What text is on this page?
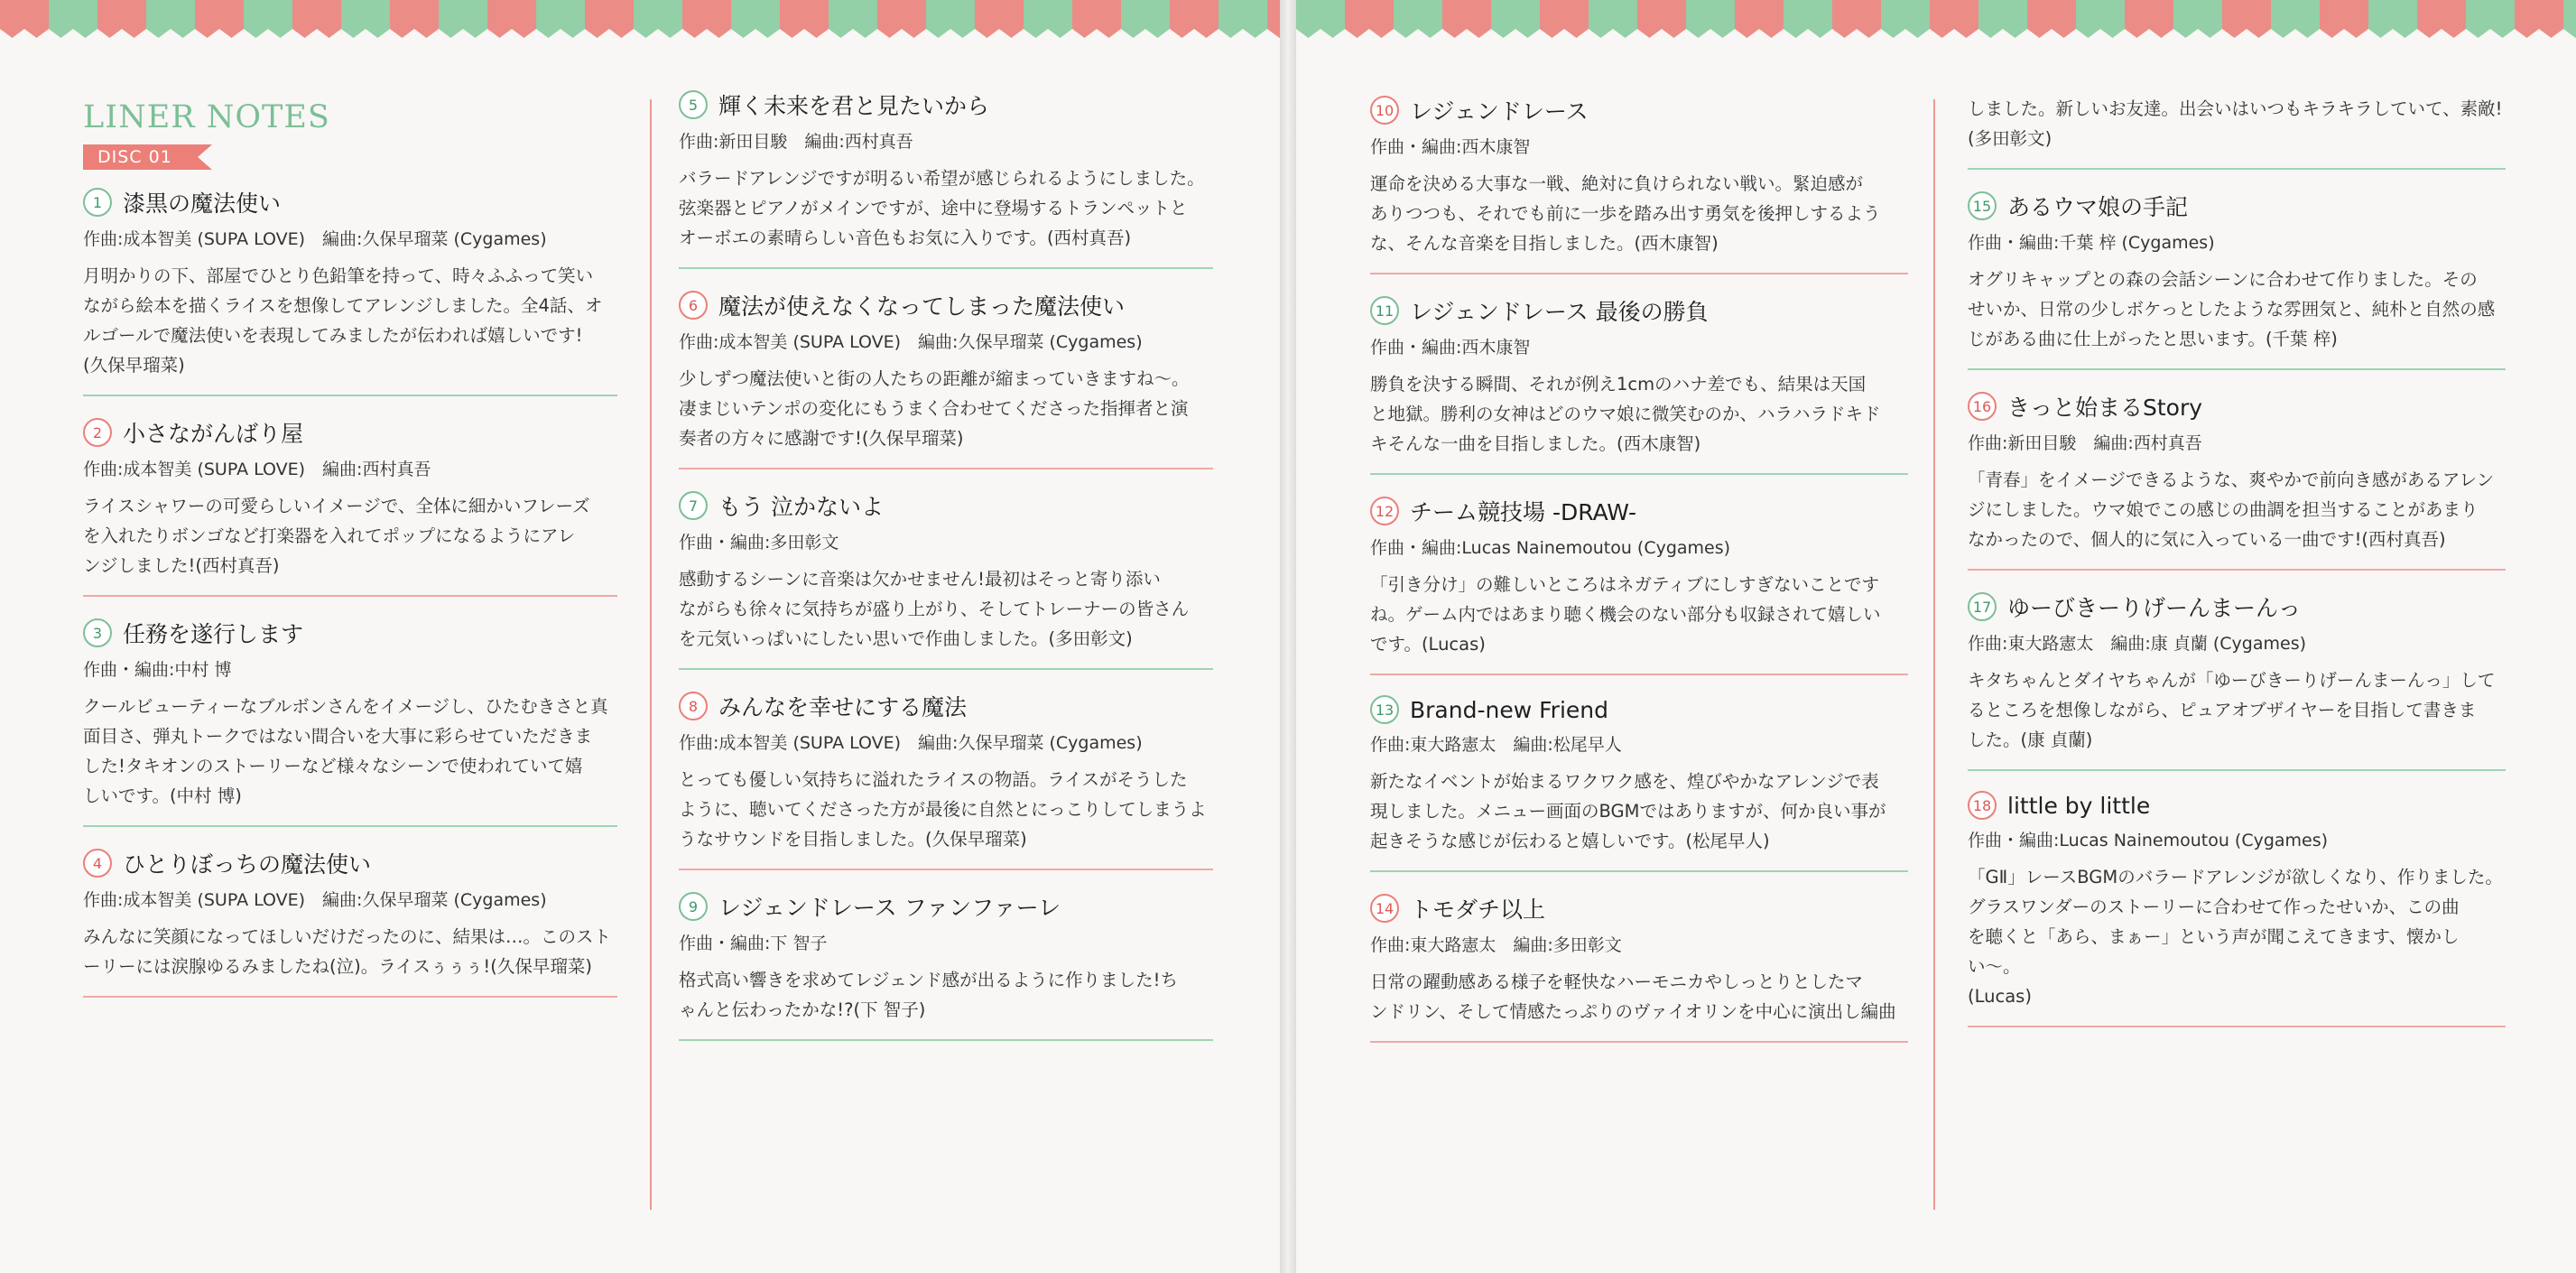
LINER NOTES
DISC 01
1 漆黒の魔法使い
作曲:成本智美 (SUPA LOVE)　編曲:久保早瑠菜 (Cygames)

月明かりの下、部屋でひとり色鉛筆を持って、時々ふふって笑い
ながら絵本を描くライスを想像してアレンジしました。全4話、オ
ルゴールで魔法使いを表現してみましたが伝われば嬉しいです!
(久保早瑠菜)

2 小さながんばり屋
作曲:成本智美 (SUPA LOVE)　編曲:西村真吾

ライスシャワーの可愛らしいイメージで、全体に細かいフレーズ
を入れたりボンゴなど打楽器を入れてポップになるようにアレ
ンジしました!(西村真吾)

3 任務を遂行します
作曲・編曲:中村 博

クールビューティーなブルボンさんをイメージし、ひたむきさと真
面目さ、弾丸トークではない間合いを大事に彩らせていただきま
した!タキオンのストーリーなど様々なシーンで使われていて嬉
しいです。(中村 博)

4 ひとりぼっちの魔法使い
作曲:成本智美 (SUPA LOVE)　編曲:久保早瑠菜 (Cygames)

みんなに笑顔になってほしいだけだったのに、結果は…。このスト
ーリーには涙腺ゆるみましたね(泣)。ライスぅぅぅ!(久保早瑠菜)

5 輝く未来を君と見たいから
作曲:新田目駿　編曲:西村真吾

バラードアレンジですが明るい希望が感じられるようにしました。
弦楽器とピアノがメインですが、途中に登場するトランペットと
オーボエの素晴らしい音色もお気に入りです。(西村真吾)

6 魔法が使えなくなってしまった魔法使い
作曲:成本智美 (SUPA LOVE)　編曲:久保早瑠菜 (Cygames)

少しずつ魔法使いと街の人たちの距離が縮まっていきますね〜。
凄まじいテンポの変化にもうまく合わせてくださった指揮者と演
奏者の方々に感謝です!(久保早瑠菜)

7 もう 泣かないよ
作曲・編曲:多田彰文

感動するシーンに音楽は欠かせません!最初はそっと寄り添い
ながらも徐々に気持ちが盛り上がり、そしてトレーナーの皆さん
を元気いっぱいにしたい思いで作曲しました。(多田彰文)

8 みんなを幸せにする魔法
作曲:成本智美 (SUPA LOVE)　編曲:久保早瑠菜 (Cygames)

とっても優しい気持ちに溢れたライスの物語。ライスがそうした
ように、聴いてくださった方が最後に自然とにっこりしてしまうよ
うなサウンドを目指しました。(久保早瑠菜)

9 レジェンドレース ファンファーレ
作曲・編曲:下 智子

格式高い響きを求めてレジェンド感が出るように作りました!ち
ゃんと伝わったかな!?(下 智子)

10 レジェンドレース
作曲・編曲:西木康智

運命を決める大事な一戦、絶対に負けられない戦い。緊迫感が
ありつつも、それでも前に一歩を踏み出す勇気を後押しするよう
な、そんな音楽を目指しました。(西木康智)

11 レジェンドレース 最後の勝負
作曲・編曲:西木康智

勝負を決する瞬間、それが例え1cmのハナ差でも、結果は天国
と地獄。勝利の女神はどのウマ娘に微笑むのか、ハラハラドキド
キそんな一曲を目指しました。(西木康智)

12 チーム競技場 -DRAW-
作曲・編曲:Lucas Nainemoutou (Cygames)

「引き分け」の難しいところはネガティブにしすぎないことです
ね。ゲーム内ではあまり聴く機会のない部分も収録されて嬉しい
です。(Lucas)

13 Brand-new Friend
作曲:東大路憲太　編曲:松尾早人

新たなイベントが始まるワクワク感を、煌びやかなアレンジで表
現しました。メニュー画面のBGMではありますが、何か良い事が
起きそうな感じが伝わると嬉しいです。(松尾早人)

14 トモダチ以上
作曲:東大路憲太　編曲:多田彰文

日常の躍動感ある様子を軽快なハーモニカやしっとりとしたマ
ンドリン、そして情感たっぷりのヴァイオリンを中心に演出し編曲

しました。新しいお友達。出会いはいつもキラキラしていて、素敵!
(多田彰文)

15 あるウマ娘の手記
作曲・編曲:千葉 梓 (Cygames)

オグリキャップとの森の会話シーンに合わせて作りました。その
せいか、日常の少しボケっとしたような雰囲気と、純朴と自然の感
じがある曲に仕上がったと思います。(千葉 梓)

16 きっと始まるStory
作曲:新田目駿　編曲:西村真吾

「青春」をイメージできるような、爽やかで前向き感があるアレン
ジにしました。ウマ娘でこの感じの曲調を担当することがあまり
なかったので、個人的に気に入っている一曲です!(西村真吾)

17 ゆーびきーりげーんまーんっ
作曲:東大路憲太　編曲:康 貞蘭 (Cygames)

キタちゃんとダイヤちゃんが「ゆーびきーりげーんまーんっ」して
るところを想像しながら、ピュアオブザイヤーを目指して書きま
した。(康 貞蘭)

18 little by little
作曲・編曲:Lucas Nainemoutou (Cygames)

「GⅡ」レースBGMのバラードアレンジが欲しくなり、作りました。
グラスワンダーのストーリーに合わせて作ったせいか、この曲
を聴くと「あら、まぁー」という声が聞こえてきます、懐かしい〜。
(Lucas)
